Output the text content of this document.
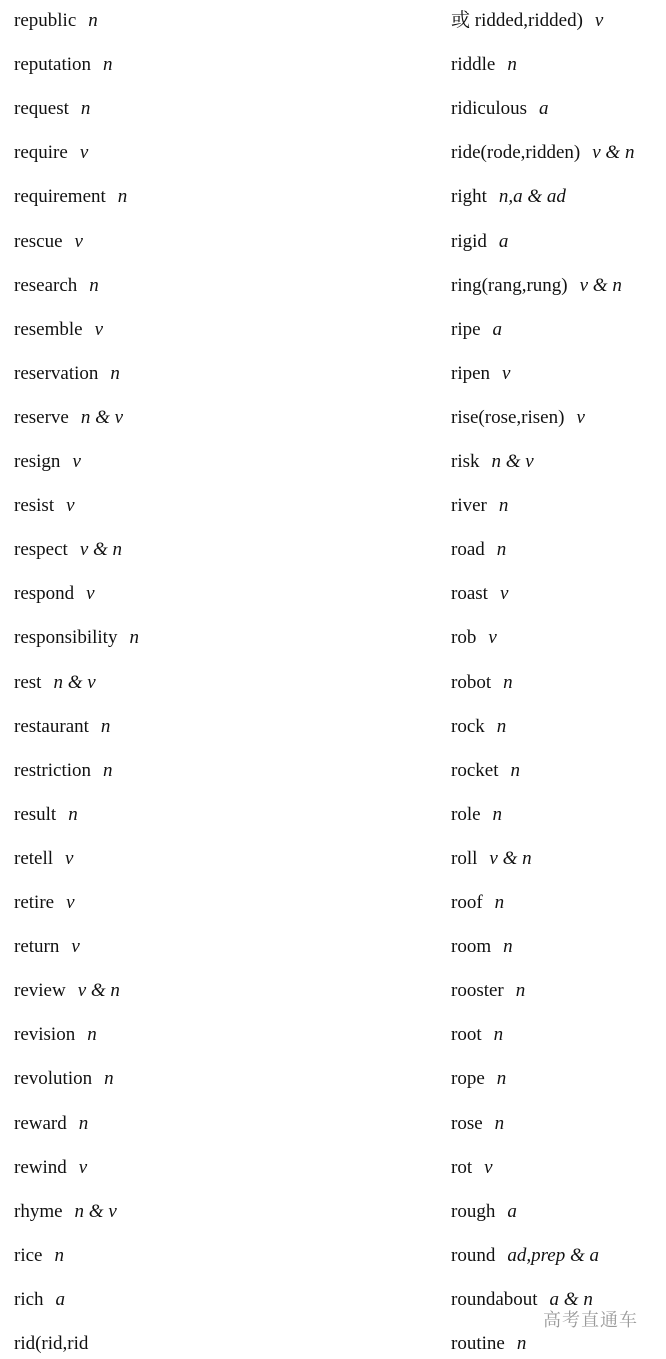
republic n
reputation n
request n
require v
requirement n
rescue v
research n
resemble v
reservation n
reserve n & v
resign v
resist v
respect v & n
respond v
responsibility n
rest n & v
restaurant n
restriction n
result n
retell v
retire v
return v
review v & n
revision n
revolution n
reward n
rewind v
rhyme n & v
rice n
rich a
rid(rid,rid
或 ridded,ridded) v
riddle n
ridiculous a
ride(rode,ridden) v & n
right n,a & ad
rigid a
ring(rang,rung) v & n
ripe a
ripen v
rise(rose,risen) v
risk n & v
river n
road n
roast v
rob v
robot n
rock n
rocket n
role n
roll v & n
roof n
room n
rooster n
root n
rope n
rose n
rot v
rough a
round ad,prep & a
roundabout a & n
routine n
高考直通车
